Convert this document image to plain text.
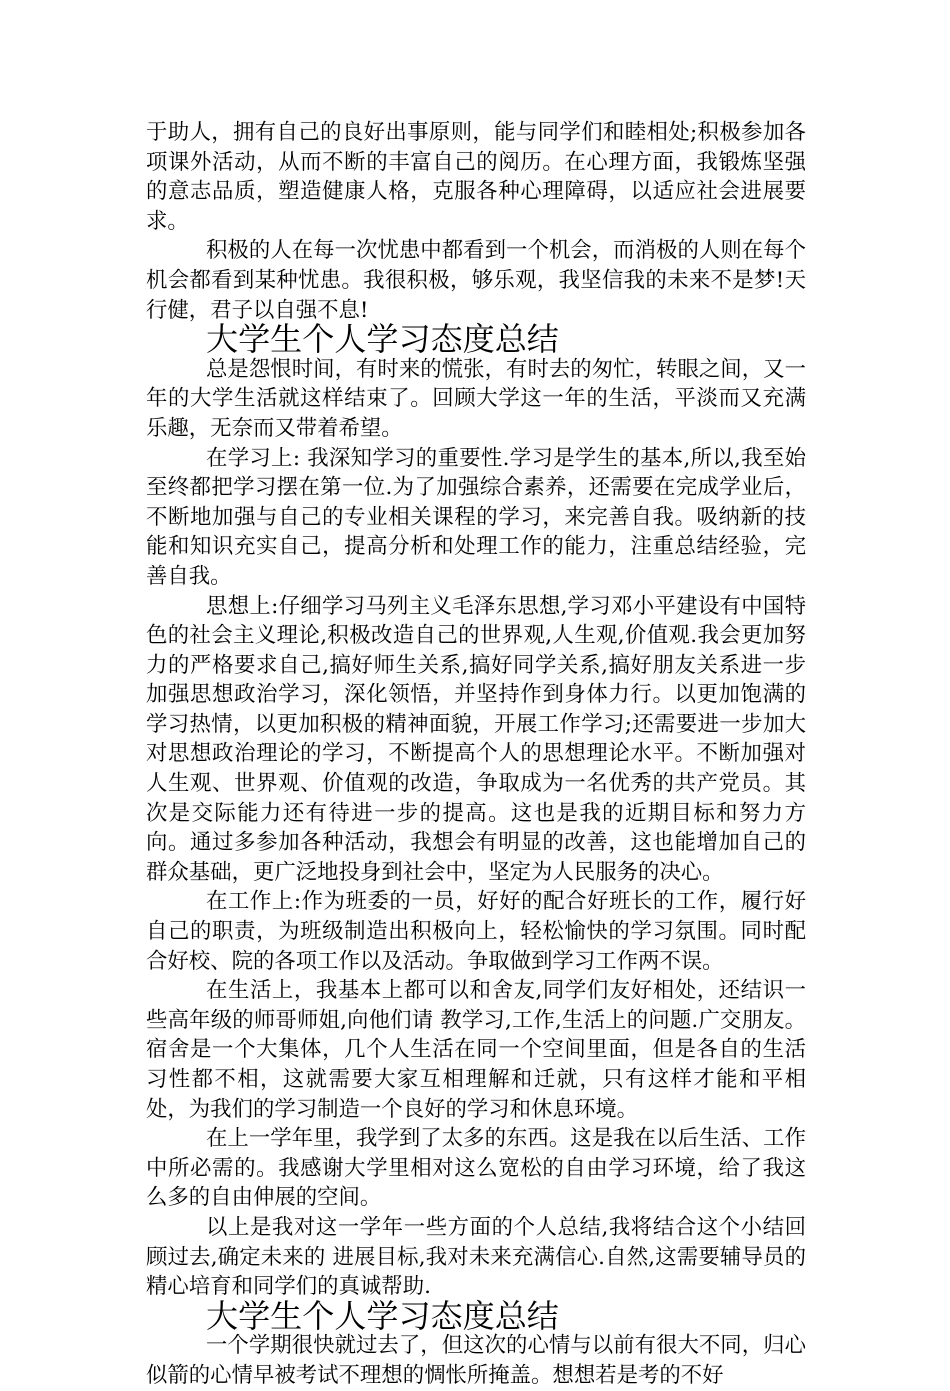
于助人，拥有自己的良好出事原则，能与同学们和睦相处;积极参加各项课外活动，从而不断的丰富自己的阅历。在心理方面，我锻炼坚强的意志品质，塑造健康人格，克服各种心理障碍，以适应社会进展要求。

积极的人在每一次忧患中都看到一个机会，而消极的人则在每个机会都看到某种忧患。我很积极，够乐观，我坚信我的未来不是梦!天行健，君子以自强不息!

大学生个人学习态度总结

总是怨恨时间，有时来的慌张，有时去的匆忙，转眼之间，又一年的大学生活就这样结束了。回顾大学这一年的生活，平淡而又充满乐趣，无奈而又带着希望。

在学习上: 我深知学习的重要性.学习是学生的基本,所以,我至始至终都把学习摆在第一位.为了加强综合素养，还需要在完成学业后，不断地加强与自己的专业相关课程的学习，来完善自我。吸纳新的技能和知识充实自己，提高分析和处理工作的能力，注重总结经验，完善自我。

思想上:仔细学习马列主义毛泽东思想,学习邓小平建设有中国特色的社会主义理论,积极改造自己的世界观,人生观,价值观.我会更加努力的严格要求自己,搞好师生关系,搞好同学关系,搞好朋友关系进一步加强思想政治学习，深化领悟，并坚持作到身体力行。以更加饱满的学习热情，以更加积极的精神面貌，开展工作学习;还需要进一步加大对思想政治理论的学习，不断提高个人的思想理论水平。不断加强对人生观、世界观、价值观的改造，争取成为一名优秀的共产党员。其次是交际能力还有待进一步的提高。这也是我的近期目标和努力方向。通过多参加各种活动，我想会有明显的改善，这也能增加自己的群众基础，更广泛地投身到社会中，坚定为人民服务的决心。

在工作上:作为班委的一员，好好的配合好班长的工作，履行好自己的职责，为班级制造出积极向上，轻松愉快的学习氛围。同时配合好校、院的各项工作以及活动。争取做到学习工作两不误。

在生活上，我基本上都可以和舍友,同学们友好相处，还结识一些高年级的师哥师姐,向他们请 教学习,工作,生活上的问题.广交朋友。宿舍是一个大集体，几个人生活在同一个空间里面，但是各自的生活习性都不相，这就需要大家互相理解和迁就，只有这样才能和平相处，为我们的学习制造一个良好的学习和休息环境。

在上一学年里，我学到了太多的东西。这是我在以后生活、工作中所必需的。我感谢大学里相对这么宽松的自由学习环境，给了我这么多的自由伸展的空间。

以上是我对这一学年一些方面的个人总结,我将结合这个小结回顾过去,确定未来的 进展目标,我对未来充满信心.自然,这需要辅导员的精心培育和同学们的真诚帮助.

大学生个人学习态度总结

一个学期很快就过去了，但这次的心情与以前有很大不同，归心似箭的心情早被考试不理想的惆怅所掩盖。想想若是考的不好
